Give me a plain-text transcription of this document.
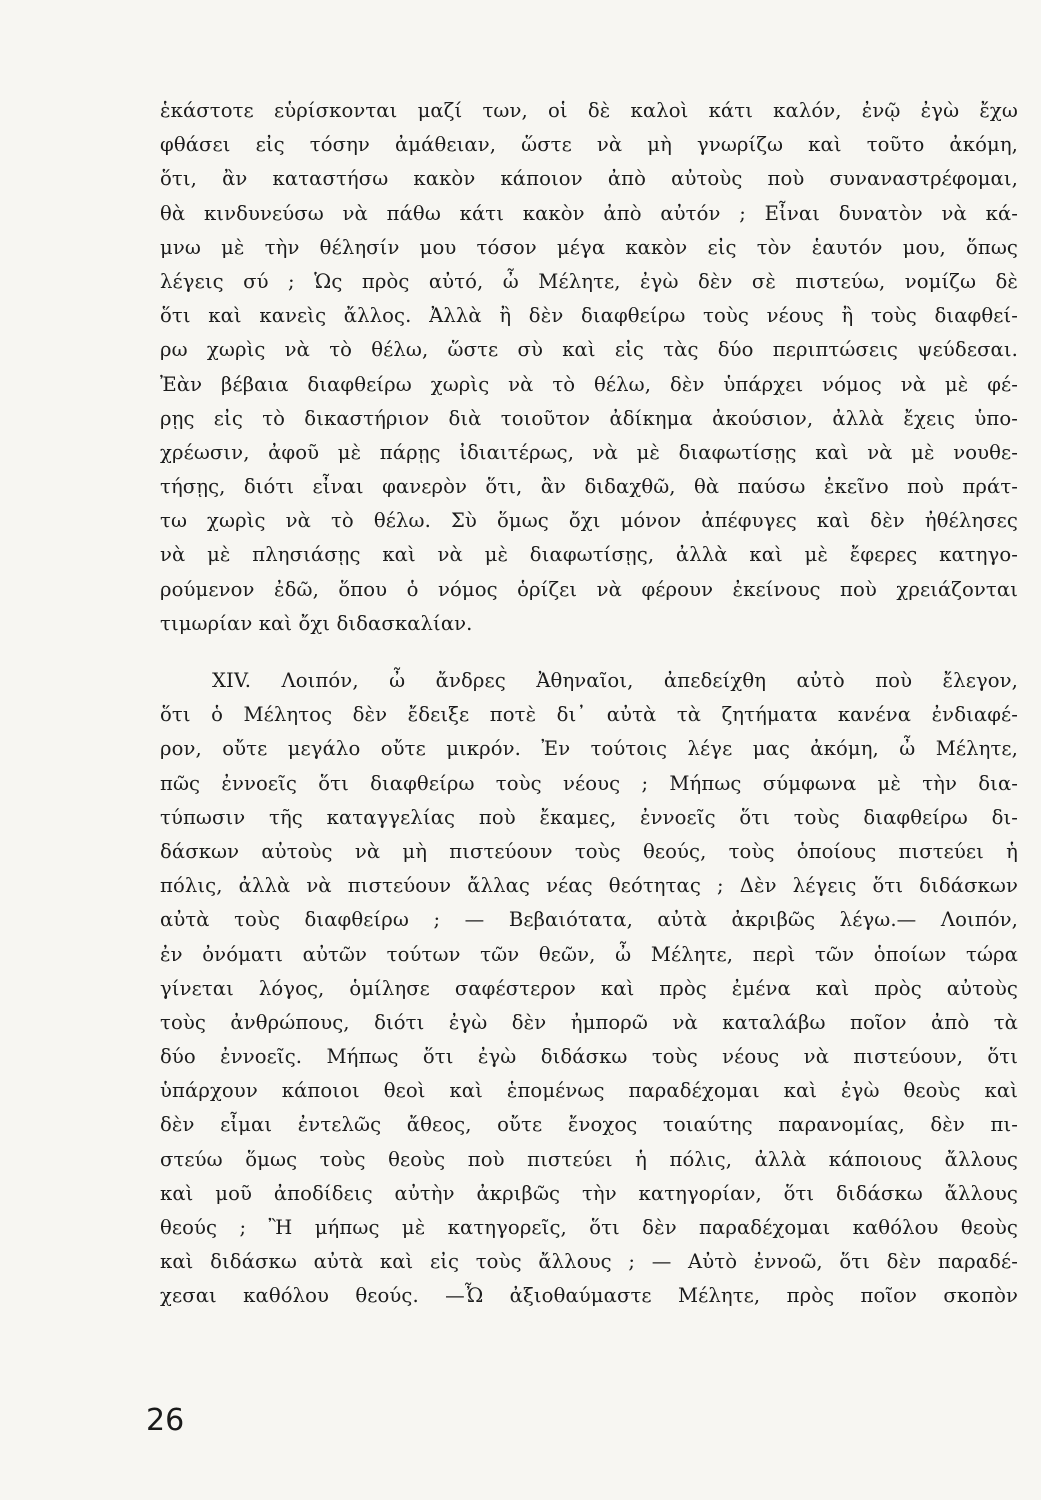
ἑκάστοτε εὑρίσκονται μαζί των, οἱ δὲ καλοὶ κάτι καλόν, ἐνῷ ἐγὼ ἔχω
φθάσει εἰς τόσην ἀμάθειαν, ὥστε νὰ μὴ γνωρίζω καὶ τοῦτο ἀκόμη,
ὅτι, ἂν καταστήσω κακὸν κάποιον ἀπὸ αὐτοὺς ποὺ συναναστρέφομαι,
θὰ κινδυνεύσω νὰ πάθω κάτι κακὸν ἀπὸ αὐτόν ; Εἶναι δυνατὸν νὰ κά-
μνω μὲ τὴν θέλησίν μου τόσον μέγα κακὸν εἰς τὸν ἑαυτόν μου, ὅπως
λέγεις σύ ; Ὡς πρὸς αὐτό, ὦ Μέλητε, ἐγὼ δὲν σὲ πιστεύω, νομίζω δὲ
ὅτι καὶ κανεὶς ἄλλος. Ἀλλὰ ἢ δὲν διαφθείρω τοὺς νέους ἢ τοὺς διαφθεί-
ρω χωρὶς νὰ τὸ θέλω, ὥστε σὺ καὶ εἰς τὰς δύο περιπτώσεις ψεύδεσαι.
Ἐὰν βέβαια διαφθείρω χωρὶς νὰ τὸ θέλω, δὲν ὑπάρχει νόμος νὰ μὲ φέ-
ρῃς εἰς τὸ δικαστήριον διὰ τοιοῦτον ἀδίκημα ἀκούσιον, ἀλλὰ ἔχεις ὑπο-
χρέωσιν, ἀφοῦ μὲ πάρῃς ἰδιαιτέρως, νὰ μὲ διαφωτίσῃς καὶ νὰ μὲ νουθε-
τήσῃς, διότι εἶναι φανερὸν ὅτι, ἂν διδαχθῶ, θὰ παύσω ἐκεῖνο ποὺ πράτ-
τω χωρὶς νὰ τὸ θέλω. Σὺ ὅμως ὄχι μόνον ἀπέφυγες καὶ δὲν ἠθέλησες
νὰ μὲ πλησιάσῃς καὶ νὰ μὲ διαφωτίσῃς, ἀλλὰ καὶ μὲ ἔφερες κατηγο-
ρούμενον ἐδῶ, ὅπου ὁ νόμος ὁρίζει νὰ φέρουν ἐκείνους ποὺ χρειάζονται
τιμωρίαν καὶ ὄχι διδασκαλίαν.
XIV. Λοιπόν, ὦ ἄνδρες Ἀθηναῖοι, ἀπεδείχθη αὐτὸ ποὺ ἔλεγον,
ὅτι ὁ Μέλητος δὲν ἔδειξε ποτὲ δι᾽ αὐτὰ τὰ ζητήματα κανένα ἐνδιαφέ-
ρον, οὔτε μεγάλο οὔτε μικρόν. Ἐν τούτοις λέγε μας ἀκόμη, ὦ Μέλητε,
πῶς ἐννοεῖς ὅτι διαφθείρω τοὺς νέους ; Μήπως σύμφωνα μὲ τὴν δια-
τύπωσιν τῆς καταγγελίας ποὺ ἔκαμες, ἐννοεῖς ὅτι τοὺς διαφθείρω δι-
δάσκων αὐτοὺς νὰ μὴ πιστεύουν τοὺς θεούς, τοὺς ὁποίους πιστεύει ἡ
πόλις, ἀλλὰ νὰ πιστεύουν ἄλλας νέας θεότητας ; Δὲν λέγεις ὅτι διδάσκων
αὐτὰ τοὺς διαφθείρω ; — Βεβαιότατα, αὐτὰ ἀκριβῶς λέγω.— Λοιπόν,
ἐν ὀνόματι αὐτῶν τούτων τῶν θεῶν, ὦ Μέλητε, περὶ τῶν ὁποίων τώρα
γίνεται λόγος, ὁμίλησε σαφέστερον καὶ πρὸς ἐμένα καὶ πρὸς αὐτοὺς
τοὺς ἀνθρώπους, διότι ἐγὼ δὲν ἠμπορῶ νὰ καταλάβω ποῖον ἀπὸ τὰ
δύο ἐννοεῖς. Μήπως ὅτι ἐγὼ διδάσκω τοὺς νέους νὰ πιστεύουν, ὅτι
ὑπάρχουν κάποιοι θεοὶ καὶ ἑπομένως παραδέχομαι καὶ ἐγὼ θεοὺς καὶ
δὲν εἶμαι ἐντελῶς ἄθεος, οὔτε ἔνοχος τοιαύτης παρανομίας, δὲν πι-
στεύω ὅμως τοὺς θεοὺς ποὺ πιστεύει ἡ πόλις, ἀλλὰ κάποιους ἄλλους
καὶ μοῦ ἀποδίδεις αὐτὴν ἀκριβῶς τὴν κατηγορίαν, ὅτι διδάσκω ἄλλους
θεούς ; Ἢ μήπως μὲ κατηγορεῖς, ὅτι δὲν παραδέχομαι καθόλου θεοὺς
καὶ διδάσκω αὐτὰ καὶ εἰς τοὺς ἄλλους ; — Αὐτὸ ἐννοῶ, ὅτι δὲν παραδέ-
χεσαι καθόλου θεούς. —Ὦ ἀξιοθαύμαστε Μέλητε, πρὸς ποῖον σκοπὸν
26
